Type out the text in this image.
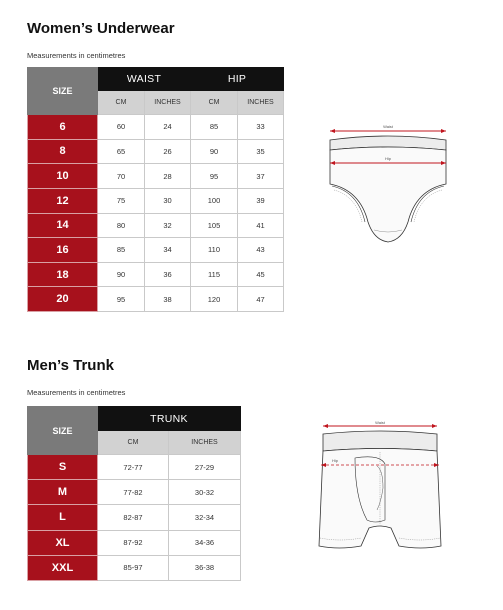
Women’s Underwear
Measurements in centimetres
SIZE	WAIST		HIP	
	CM	INCHES	CM	INCHES
6	60	24	85	33
8	65	26	90	35
10	70	28	95	37
12	75	30	100	39
14	80	32	105	41
16	85	34	110	43
18	90	36	115	45
20	95	38	120	47
Waist
Hip
Men’s Trunk
Measurements in centimetres
SIZE	TRUNK	
	CM	INCHES
S	72-77	27-29
M	77-82	30-32
L	82-87	32-34
XL	87-92	34-36
XXL	85-97	36-38
Waist
Hip
